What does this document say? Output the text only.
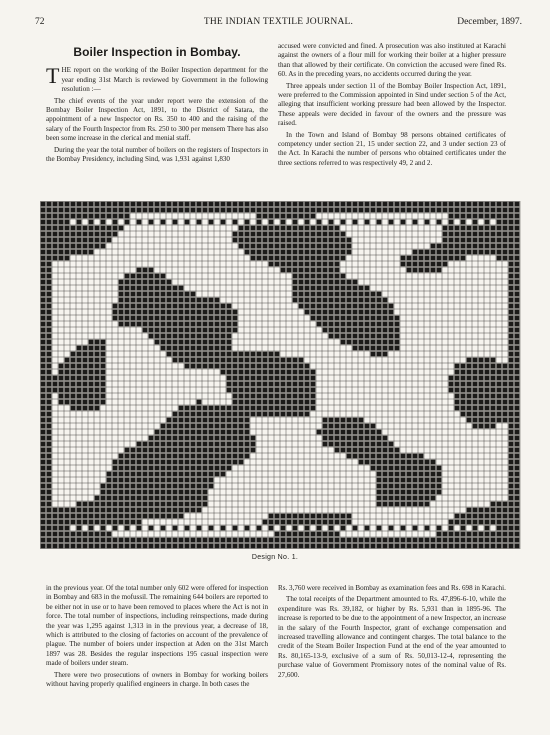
72	THE INDIAN TEXTILE JOURNAL.	December, 1897.
Boiler Inspection in Bombay.

THE report on the working of the Boiler Inspection department for the year ending 31st March is reviewed by Government in the following resolution :—

The chief events of the year under report were the extension of the Bombay Boiler Inspection Act, 1891, to the District of Satara, the appointment of a new Inspector on Rs. 350 to 400 and the raising of the salary of the Fourth Inspector from Rs. 250 to 300 per mensem There has also been some increase in the clerical and menial staff.

During the year the total number of boilers on the registers of Inspectors in the Bombay Presidency, including Sind, was 1,931 against 1,830

accused were convicted and fined. A prosecution was also instituted at Karachi against the owners of a flour mill for working their boiler at a higher pressure than that allowed by their certificate. On conviction the accused were fined Rs. 60. As in the preceding years, no accidents occurred during the year.

Three appeals under section 11 of the Bombay Boiler Inspection Act, 1891, were preferred to the Commission appointed in Sind under section 5 of the Act, alleging that insufficient working pressure had been allowed by the Inspector. These appeals were decided in favour of the owners and the pressure was raised.

In the Town and Island of Bombay 98 persons obtained certificates of competency under section 21, 15 under section 22, and 3 under section 23 of the Act. In Karachi the number of persons who obtained certificates under the three sections referred to was respectively 49, 2 and 2.

Design No. 1.

in the previous year. Of the total number only 602 were offered for inspection in Bombay and 683 in the mofussil. The remaining 644 boilers are reported to be either not in use or to have been removed to places where the Act is not in force. The total number of inspections, including reinspections, made during the year was 1,295 against 1,313 in in the previous year, a decrease of 18, which is attributed to the closing of factories on account of the prevalence of plague. The number of boiers under inspection at Aden on the 31st March 1897 was 28. Besides the regular inspections 195 casual inspection were made of boilers under steam.

There were two prosecutions of owners in Bombay for working boilers without having properly qualified engineers in charge. In both cases the

Rs. 3,760 were received in Bombay as examination fees and Rs. 698 in Karachi.

The total receipts of the Department amounted to Rs. 47,896-6-10, while the expenditure was Rs. 39,182, or higher by Rs. 5,931 than in 1895-96. The increase is reported to be due to the appointment of a new Inspector, an increase in the salary of the Fourth Inspector, grant of exchange compensation and increased travelling allowance and contingent charges. The total balance to the credit of the Steam Boiler Inspection Fund at the end of the year amounted to Rs. 80,165-13-9, exclusive of a sum of Rs. 50,013-12-4, representing the purchase value of Government Promissory notes of the nominal value of Rs. 27,600.
